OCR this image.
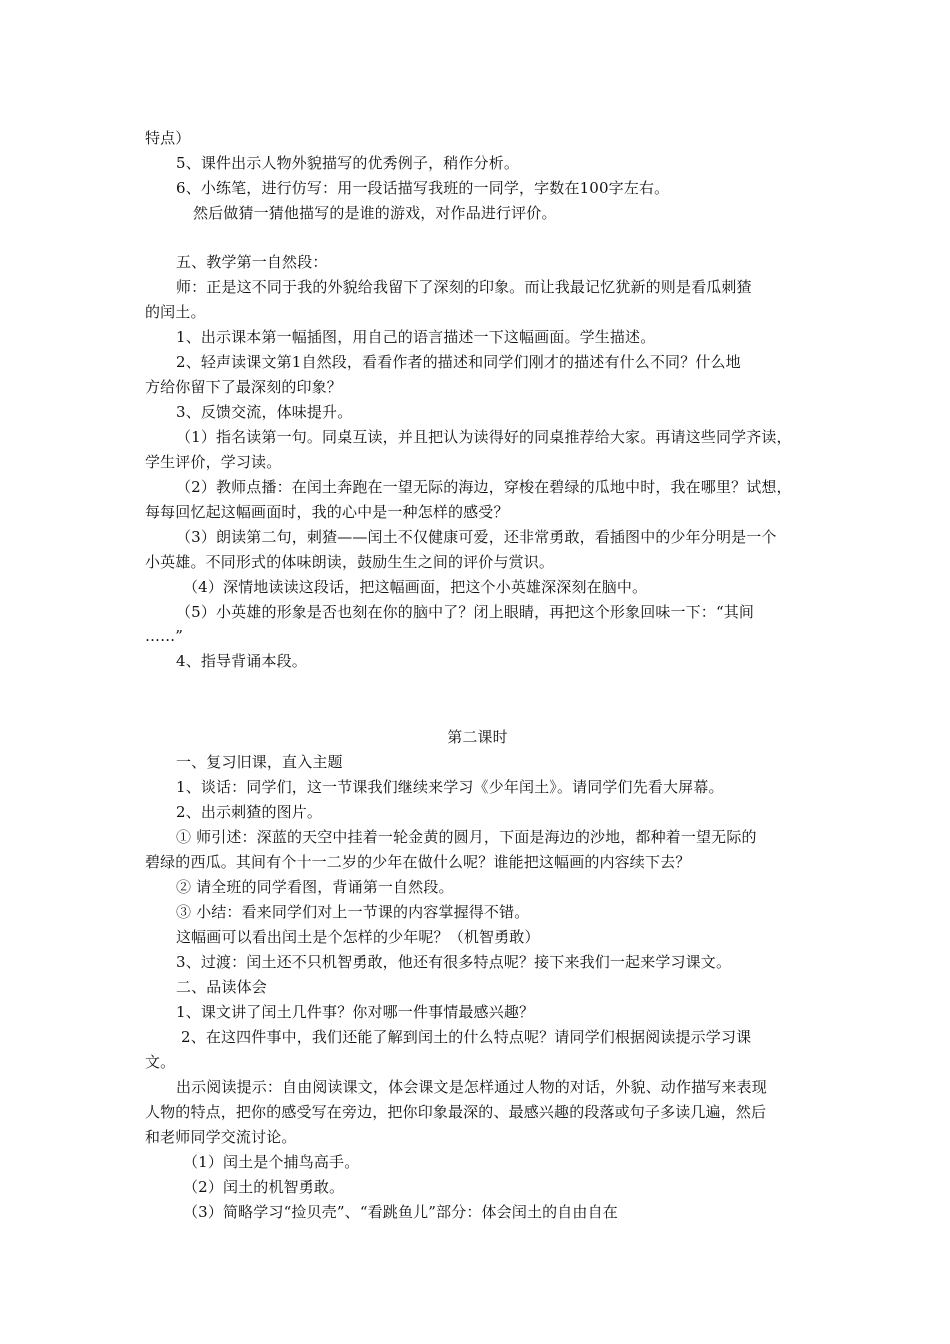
特点）
5、课件出示人物外貌描写的优秀例子，稍作分析。
6、小练笔，进行仿写：用一段话描写我班的一同学，字数在100字左右。
然后做猜一猜他描写的是谁的游戏，对作品进行评价。
五、教学第一自然段：
师：正是这不同于我的外貌给我留下了深刻的印象。而让我最记忆犹新的则是看瓜刺猹
的闰土。
1、出示课本第一幅插图，用自己的语言描述一下这幅画面。学生描述。
2、轻声读课文第1自然段，看看作者的描述和同学们刚才的描述有什么不同？什么地
方给你留下了最深刻的印象？
3、反馈交流，体味提升。
（1）指名读第一句。同桌互读，并且把认为读得好的同桌推荐给大家。再请这些同学齐读，
学生评价，学习读。
（2）教师点播：在闰土奔跑在一望无际的海边，穿梭在碧绿的瓜地中时，我在哪里？试想，
每每回忆起这幅画面时，我的心中是一种怎样的感受？
（3）朗读第二句，刺猹——闰土不仅健康可爱，还非常勇敢，看插图中的少年分明是一个
小英雄。不同形式的体味朗读，鼓励生生之间的评价与赏识。
（4）深情地读读这段话，把这幅画面，把这个小英雄深深刻在脑中。
（5）小英雄的形象是否也刻在你的脑中了？闭上眼睛，再把这个形象回味一下：“其间
……”
4、指导背诵本段。
第二课时
一、复习旧课，直入主题
1、谈话：同学们，这一节课我们继续来学习《少年闰土》。请同学们先看大屏幕。
2、出示刺猹的图片。
① 师引述：深蓝的天空中挂着一轮金黄的圆月，下面是海边的沙地，都种着一望无际的
碧绿的西瓜。其间有个十一二岁的少年在做什么呢？谁能把这幅画的内容续下去？
② 请全班的同学看图，背诵第一自然段。
③ 小结：看来同学们对上一节课的内容掌握得不错。
这幅画可以看出闰土是个怎样的少年呢？（机智勇敢）
3、过渡：闰土还不只机智勇敢，他还有很多特点呢？接下来我们一起来学习课文。
二、品读体会
1、课文讲了闰土几件事？你对哪一件事情最感兴趣？
2、在这四件事中，我们还能了解到闰土的什么特点呢？请同学们根据阅读提示学习课
文。
出示阅读提示：自由阅读课文，体会课文是怎样通过人物的对话，外貌、动作描写来表现
人物的特点，把你的感受写在旁边，把你印象最深的、最感兴趣的段落或句子多读几遍，然后
和老师同学交流讨论。
（1）闰土是个捕鸟高手。
（2）闰土的机智勇敢。
（3）简略学习“捡贝壳”、“看跳鱼儿”部分：体会闰土的自由自在
